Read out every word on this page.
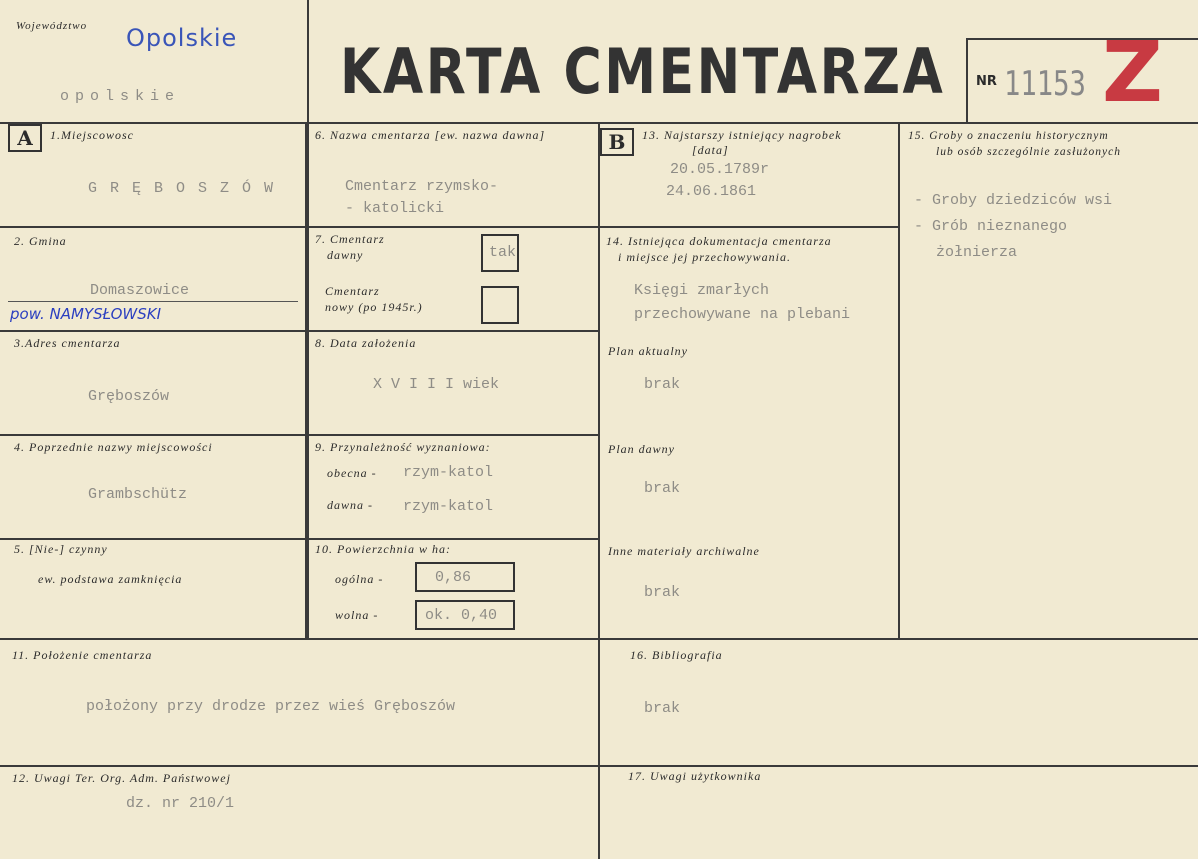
Województwo Opolskie
opolskie	KARTA CMENTARZA NR 11153 Z
A	1.Miejscowosc
G R Ę B O S Z Ó W
2. Gmina
Domaszowice
pow. NAMYSŁOWSKI
3.Adres cmentarza
Gręboszów
4. Poprzednie nazwy miejscowości
Grambschütz
5. [Nie-] czynny
ew. podstawa zamknięcia
6. Nazwa cmentarza [ew. nazwa dawna]
Cmentarz rzymsko-
- katolicki
7. Cmentarz
dawny	tak
Cmentarz
nowy (po 1945r.)
8. Data założenia
X V I I I wiek
9. Przynależność wyznaniowa:
obecna - rzym-katol
dawna - rzym-katol
10. Powierzchnia w ha:
ogólna -	0,86
wolna -	ok. 0,40
11. Położenie cmentarza
położony przy drodze przez wieś Gręboszów
12. Uwagi Ter. Org. Adm. Państwowej
dz. nr 210/1
B	13. Najstarszy istniejący nagrobek
[data]
20.05.1789r
24.06.1861
14. Istniejąca dokumentacja cmentarza
i miejsce jej przechowywania.
Księgi zmarłych
przechowywane na plebani
Plan aktualny
brak
Plan dawny
brak
Inne materiały archiwalne
brak
15. Groby o znaczeniu historycznym
lub osób szczególnie zasłużonych
- Groby dziedziców wsi
- Grób nieznanego
żołnierza
16. Bibliografia
brak
17. Uwagi użytkownika
